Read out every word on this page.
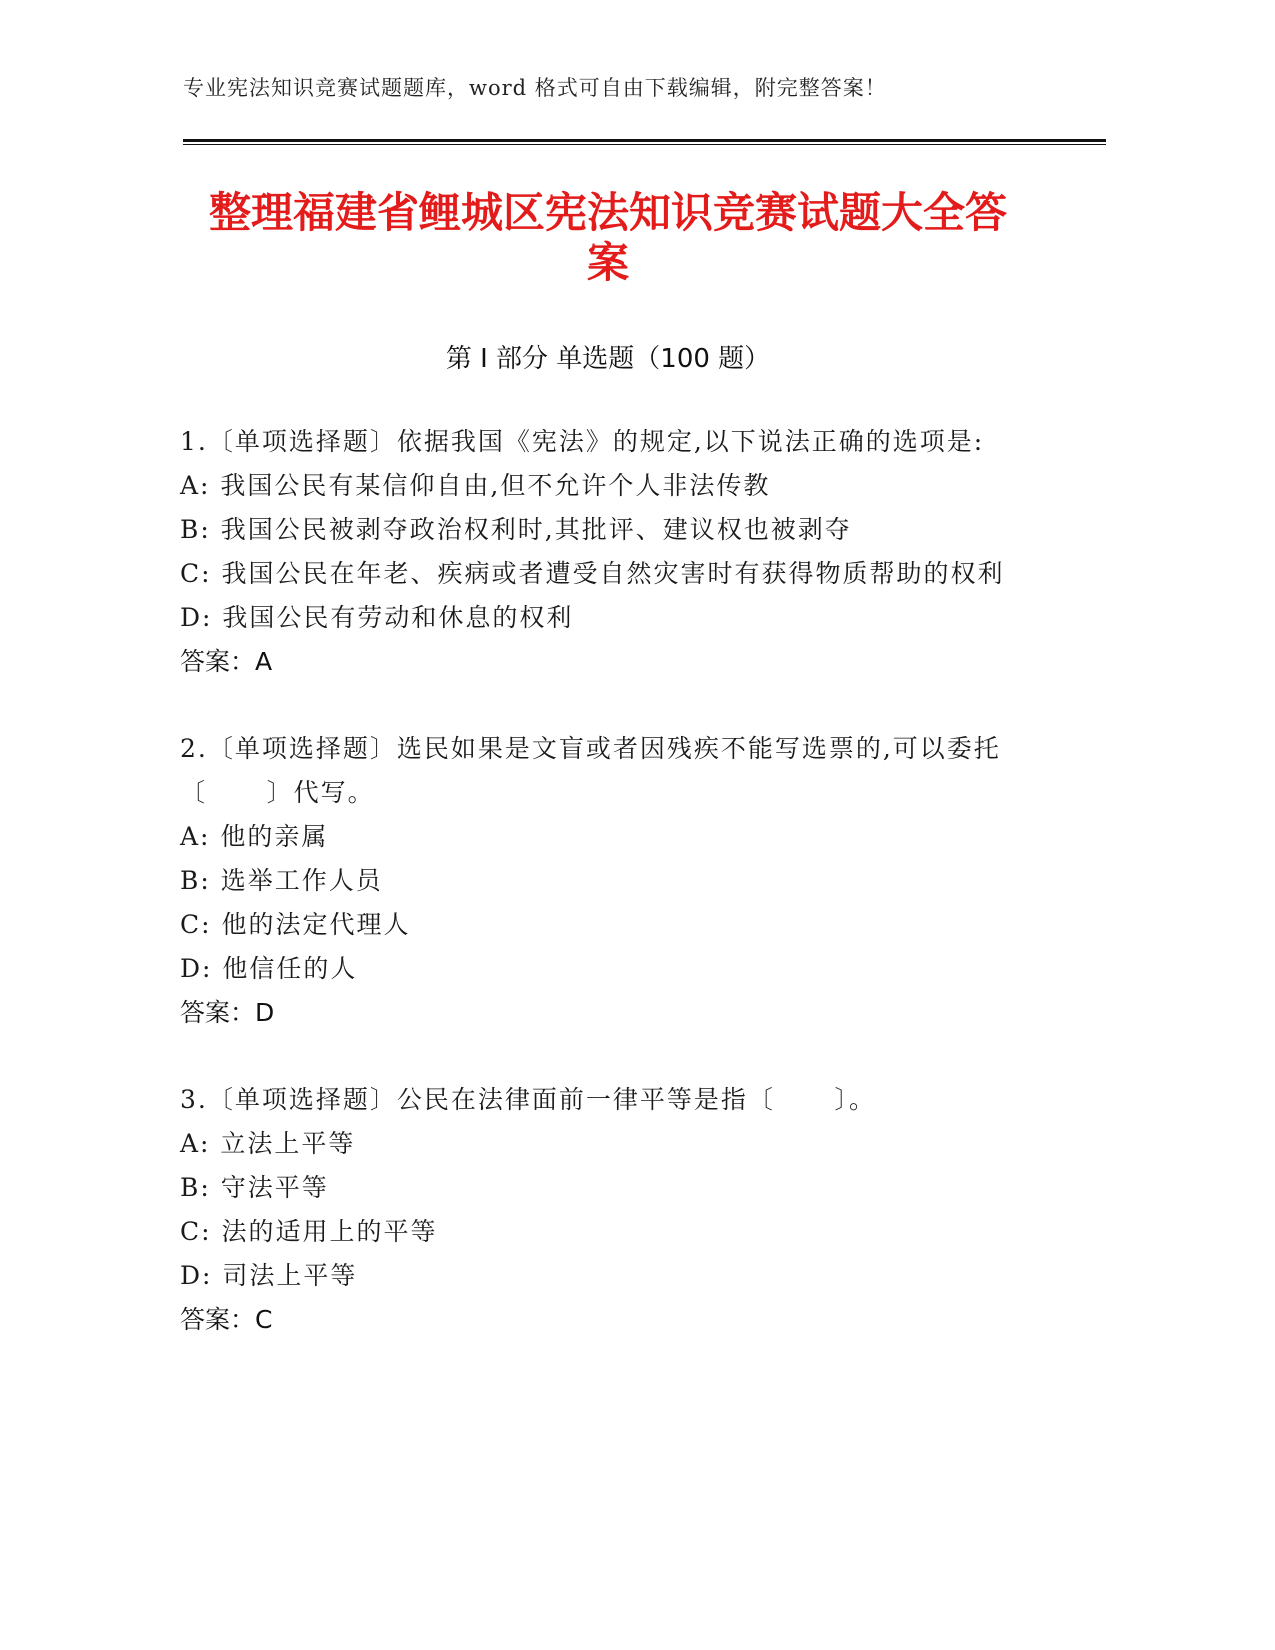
专业宪法知识竞赛试题题库，word 格式可自由下载编辑，附完整答案！
整理福建省鲤城区宪法知识竞赛试题大全答
案
第 I 部分 单选题（100 题）
1.〔单项选择题〕依据我国《宪法》的规定,以下说法正确的选项是:
A: 我国公民有某信仰自由,但不允许个人非法传教
B: 我国公民被剥夺政治权利时,其批评、建议权也被剥夺
C: 我国公民在年老、疾病或者遭受自然灾害时有获得物质帮助的权利
D: 我国公民有劳动和休息的权利
答案：A
2.〔单项选择题〕选民如果是文盲或者因残疾不能写选票的,可以委托
〔      〕代写。
A: 他的亲属
B: 选举工作人员
C: 他的法定代理人
D: 他信任的人
答案：D
3.〔单项选择题〕公民在法律面前一律平等是指〔      〕。
A: 立法上平等
B: 守法平等
C: 法的适用上的平等
D: 司法上平等
答案：C
